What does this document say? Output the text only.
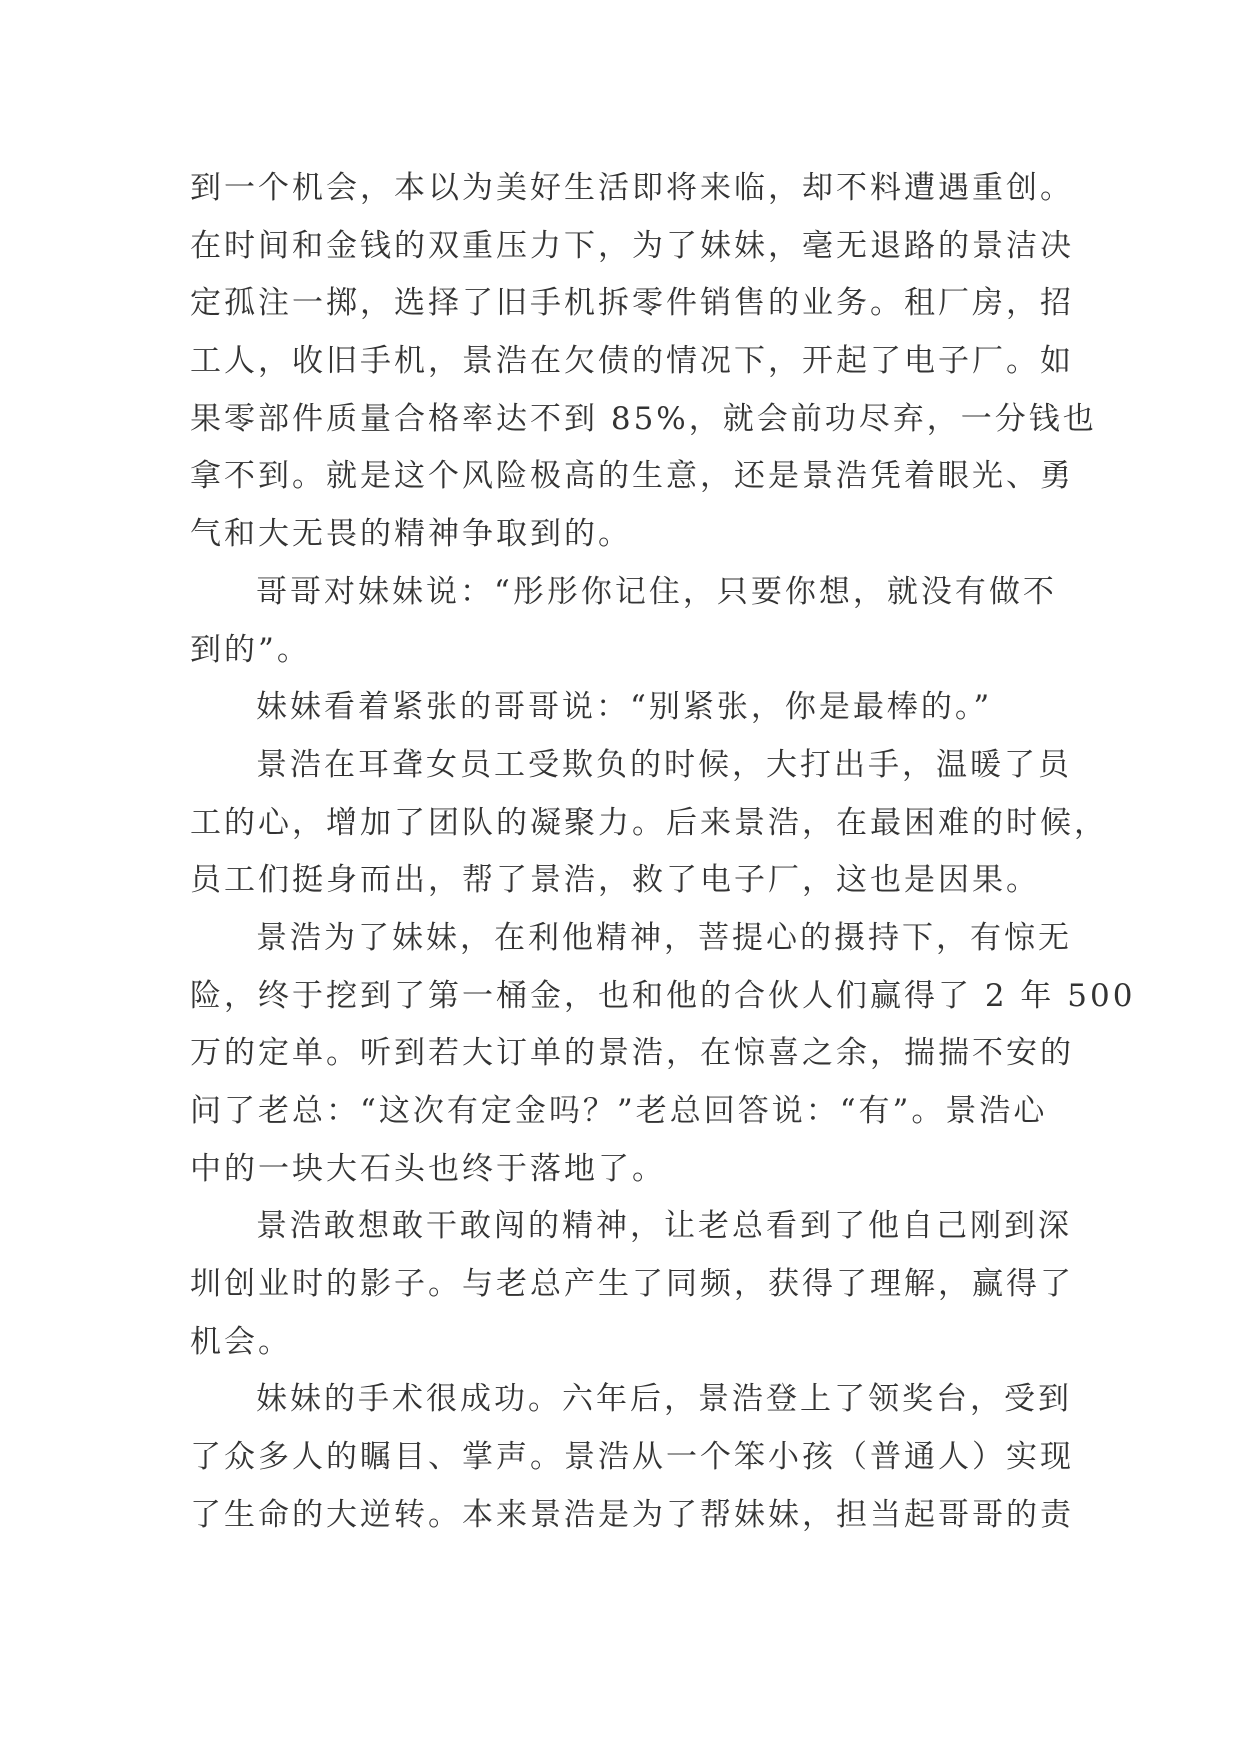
到一个机会，本以为美好生活即将来临，却不料遭遇重创。
在时间和金钱的双重压力下，为了妹妹，毫无退路的景洁决
定孤注一掷，选择了旧手机拆零件销售的业务。租厂房，招
工人，收旧手机，景浩在欠债的情况下，开起了电子厂。如
果零部件质量合格率达不到 85%，就会前功尽弃，一分钱也
拿不到。就是这个风险极高的生意，还是景浩凭着眼光、勇
气和大无畏的精神争取到的。
哥哥对妹妹说：“彤彤你记住，只要你想，就没有做不
到的”。
妹妹看着紧张的哥哥说：“别紧张，你是最棒的。”
景浩在耳聋女员工受欺负的时候，大打出手，温暖了员
工的心，增加了团队的凝聚力。后来景浩，在最困难的时候，
员工们挺身而出，帮了景浩，救了电子厂，这也是因果。
景浩为了妹妹，在利他精神，菩提心的摄持下，有惊无
险，终于挖到了第一桶金，也和他的合伙人们赢得了 2 年 500
万的定单。听到若大订单的景浩，在惊喜之余，揣揣不安的
问了老总：“这次有定金吗？”老总回答说：“有”。景浩心
中的一块大石头也终于落地了。
景浩敢想敢干敢闯的精神，让老总看到了他自己刚到深
圳创业时的影子。与老总产生了同频，获得了理解，赢得了
机会。
妹妹的手术很成功。六年后，景浩登上了领奖台，受到
了众多人的瞩目、掌声。景浩从一个笨小孩（普通人）实现
了生命的大逆转。本来景浩是为了帮妹妹，担当起哥哥的责
